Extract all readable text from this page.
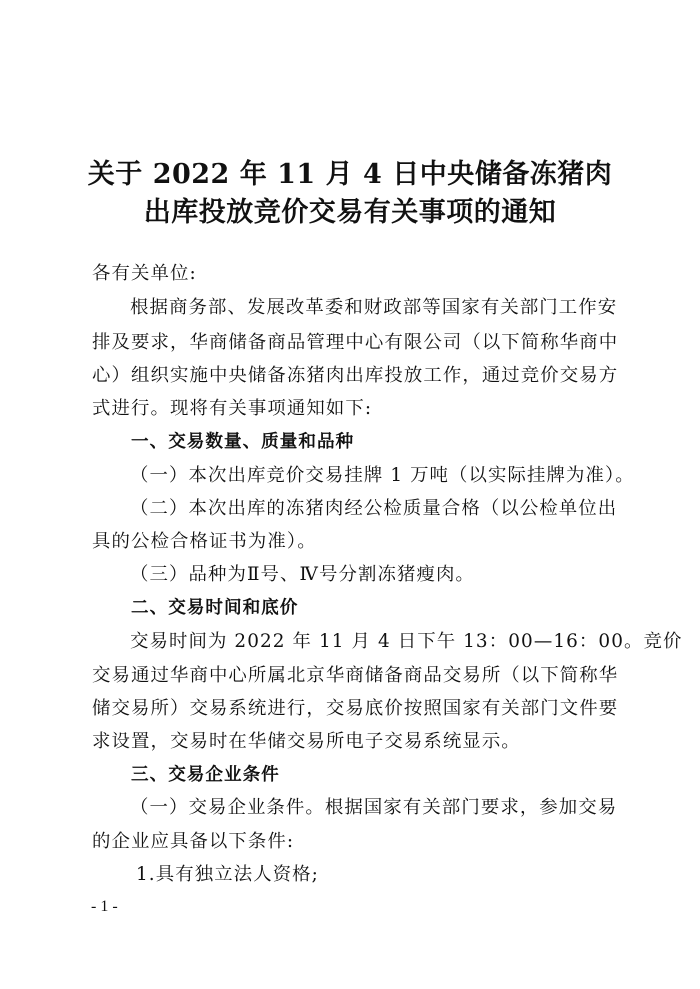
关于 2022 年 11 月 4 日中央储备冻猪肉
出库投放竞价交易有关事项的通知
各有关单位:
根据商务部、发展改革委和财政部等国家有关部门工作安
排及要求，华商储备商品管理中心有限公司（以下简称华商中
心）组织实施中央储备冻猪肉出库投放工作，通过竞价交易方
式进行。现将有关事项通知如下:
一、交易数量、质量和品种
（一）本次出库竞价交易挂牌 1 万吨（以实际挂牌为准）。
（二）本次出库的冻猪肉经公检质量合格（以公检单位出
具的公检合格证书为准）。
（三）品种为Ⅱ号、Ⅳ号分割冻猪瘦肉。
二、交易时间和底价
交易时间为 2022 年 11 月 4 日下午 13：00—16：00。竞价
交易通过华商中心所属北京华商储备商品交易所（以下简称华
储交易所）交易系统进行，交易底价按照国家有关部门文件要
求设置，交易时在华储交易所电子交易系统显示。
三、交易企业条件
（一）交易企业条件。根据国家有关部门要求，参加交易
的企业应具备以下条件:
1.具有独立法人资格;
- 1 -
